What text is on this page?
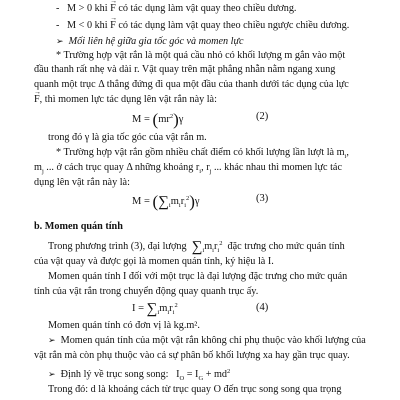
- M > 0 khi → F có tác dụng làm vật quay theo chiều dương.
- M < 0 khi → F có tác dụng làm vật quay theo chiều ngược chiều dương.
➢ Mối liên hệ giữa gia tốc góc và momen lực
* Trường hợp vật rắn là một quả cầu nhỏ có khối lượng m gắn vào một
đầu thanh rất nhẹ và dài r. Vật quay trên mặt phẳng nhẵn nằm ngang xung
quanh một trục Δ thẳng đứng đi qua một đầu của thanh dưới tác dụng của lực
→ F, thì momen lực tác dụng lên vật rắn này là:
$M = (mr^2)\gamma$	(2)
trong đó γ là gia tốc góc của vật rắn m.
* Trường hợp vật rắn gồm nhiều chất điểm có khối lượng lần lượt là $m_i$,
$m_j$ ... ở cách trục quay Δ những khoảng $r_i$, $r_j$ ... khác nhau thì momen lực tác
dụng lên vật rắn này là:
$M = (\sum_im_ir_i^2)\gamma$	(3)
b. Momen quán tính
Trong phương trình (3), đại lượng $\sum_im_ir_i^2$ đặc trưng cho mức quán tính
của vật quay và được gọi là momen quán tính, ký hiệu là I.
Momen quán tính I đối với một trục là đại lượng đặc trưng cho mức quán
tính của vật rắn trong chuyển động quay quanh trục ấy.
$I = \sum_im_ir_i^2$	(4)
Momen quán tính có đơn vị là kg.m².
➢ Momen quán tính của một vật rắn không chỉ phụ thuộc vào khối lượng của
vật rắn mà còn phụ thuộc vào cả sự phân bố khối lượng xa hay gần trục quay.
➢ Định lý về trục song song: $I_O = I_G + md^2$
Trong đó: d là khoảng cách từ trục quay O đến trục song song qua trọng
